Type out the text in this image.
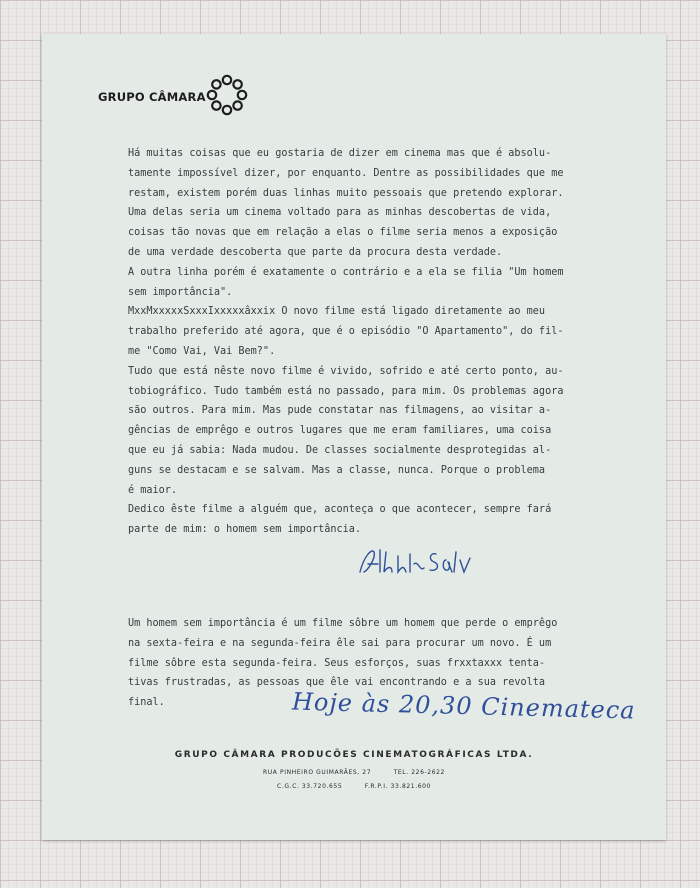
GRUPO CÂMARA
Há muitas coisas que eu gostaria de dizer em cinema mas que é absolu-
tamente impossível dizer, por enquanto. Dentre as possibilidades que me
restam, existem porém duas linhas muito pessoais que pretendo explorar.
Uma delas seria um cinema voltado para as minhas descobertas de vida,
coisas tão novas que em relação a elas o filme seria menos a exposição
de uma verdade descoberta que parte da procura desta verdade.
A outra linha porém é exatamente o contrário e a ela se filia "Um homem
sem importância".
MxxMxxxxxSxxxIxxxxxâxxix O novo filme está ligado diretamente ao meu
trabalho preferido até agora, que é o episódio "O Apartamento", do fil-
me "Como Vai, Vai Bem?".
Tudo que está nêste novo filme é vivido, sofrido e até certo ponto, au-
tobiográfico. Tudo também está no passado, para mim. Os problemas agora
são outros. Para mim. Mas pude constatar nas filmagens, ao visitar a-
gências de emprêgo e outros lugares que me eram familiares, uma coisa
que eu já sabia: Nada mudou. De classes socialmente desprotegidas al-
guns se destacam e se salvam. Mas a classe, nunca. Porque o problema
é maior.
Dedico êste filme a alguém que, aconteça o que acontecer, sempre fará
parte de mim: o homem sem importância.
Um homem sem importância é um filme sôbre um homem que perde o emprêgo
na sexta-feira e na segunda-feira êle sai para procurar um novo. É um
filme sôbre esta segunda-feira. Seus esforços, suas frxxtaxxx tenta-
tivas frustradas, as pessoas que êle vai encontrando e a sua revolta
final.	Hoje às 20,30 Cinemateca
GRUPO CÂMARA PRODUCÕES CINEMATOGRÁFICAS LTDA.
RUA PINHEIRO GUIMARÃES, 27	TEL. 226-2622
C.G.C. 33.720.655	F.R.P.I. 33.821.600
